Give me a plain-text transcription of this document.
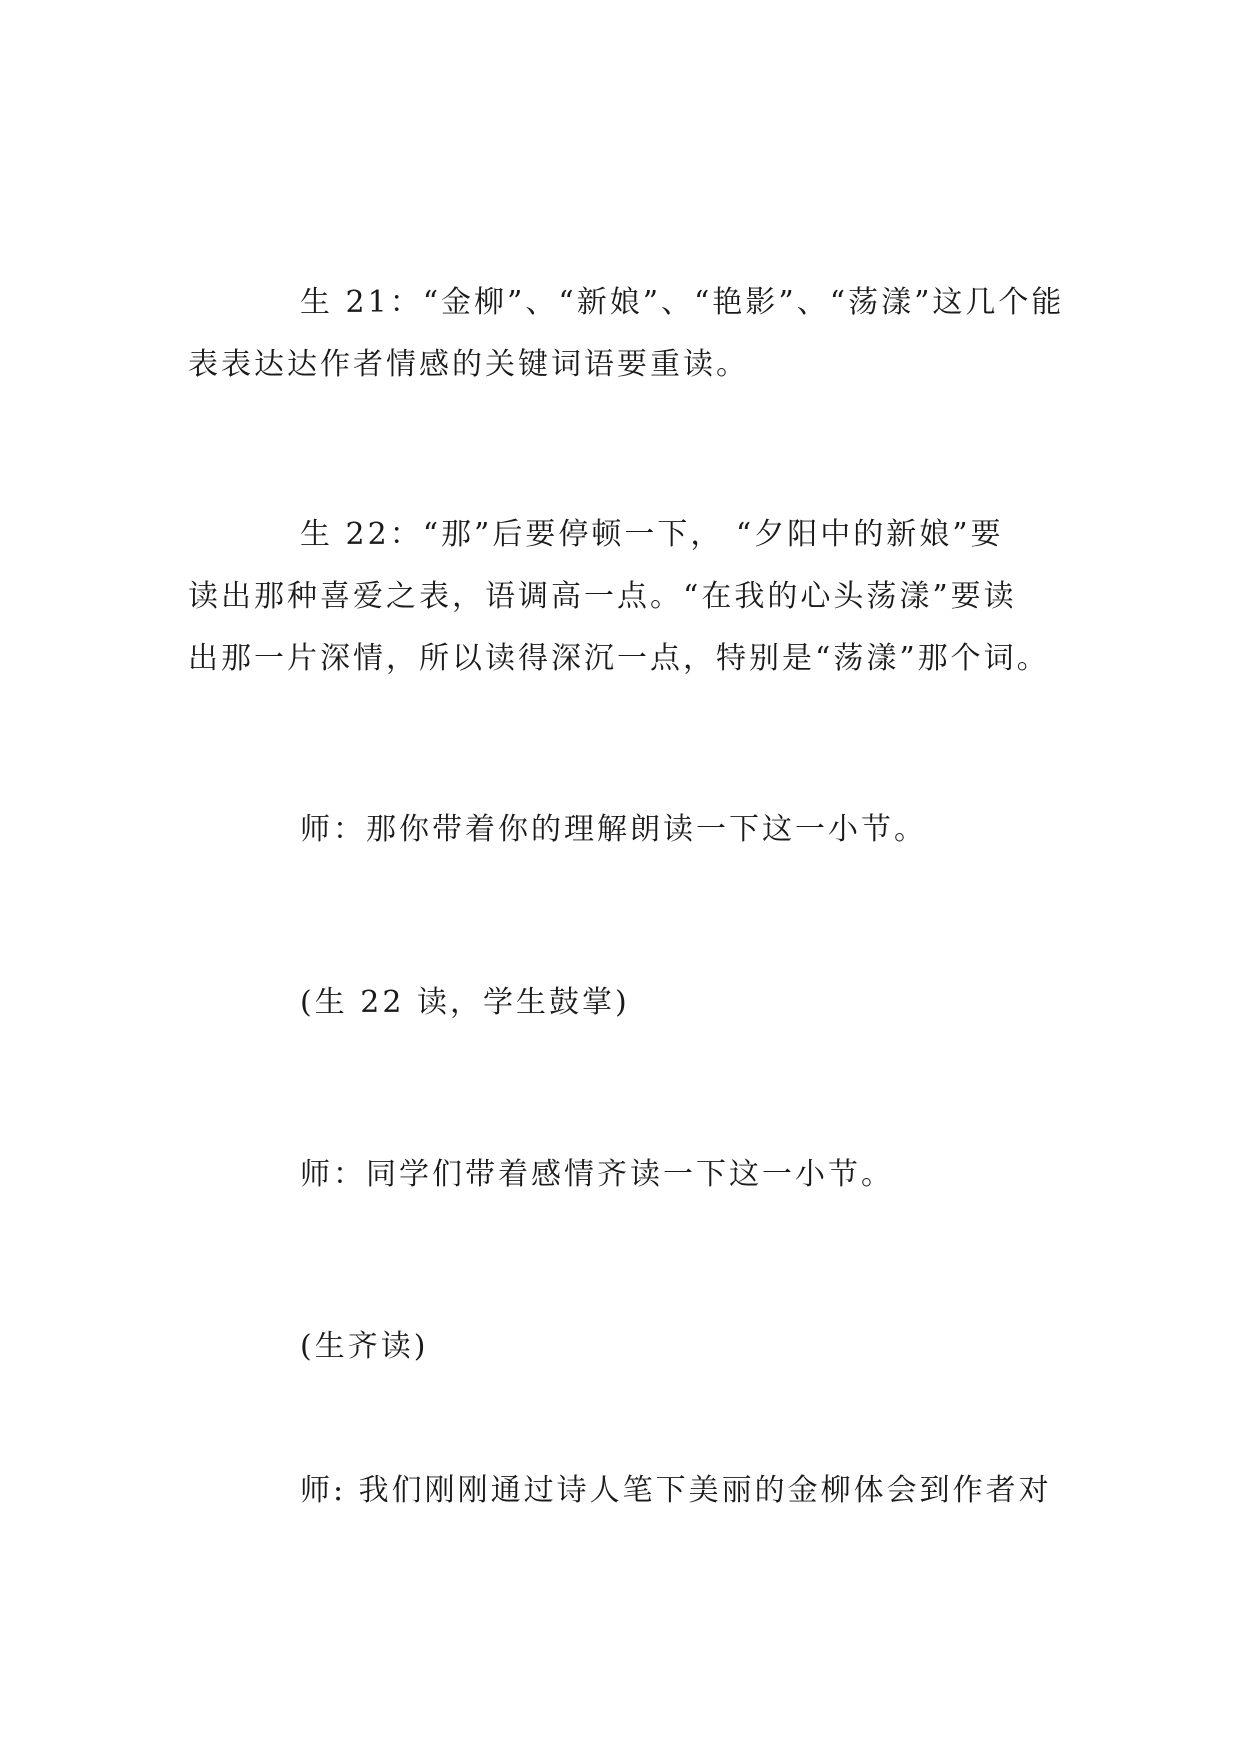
生 21：“金柳”、“新娘”、“艳影”、“荡漾”这几个能
表表达达作者情感的关键词语要重读。

生 22：“那”后要停顿一下， “夕阳中的新娘”要
读出那种喜爱之表，语调高一点。“在我的心头荡漾”要读
出那一片深情，所以读得深沉一点，特别是“荡漾”那个词。

师：那你带着你的理解朗读一下这一小节。

(生 22 读，学生鼓掌)

师：同学们带着感情齐读一下这一小节。

(生齐读)

师: 我们刚刚通过诗人笔下美丽的金柳体会到作者对
